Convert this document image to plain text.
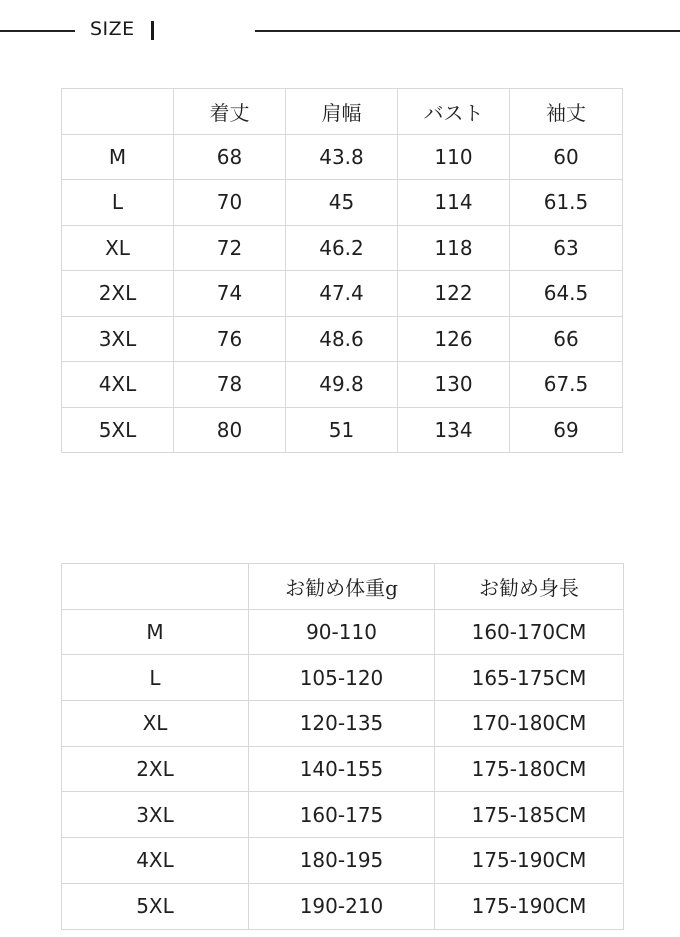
SIZE
	着丈	肩幅	バスト	袖丈
M	68	43.8	110	60
L	70	45	114	61.5
XL	72	46.2	118	63
2XL	74	47.4	122	64.5
3XL	76	48.6	126	66
4XL	78	49.8	130	67.5
5XL	80	51	134	69
	お勧め体重g	お勧め身長
M	90-110	160-170CM
L	105-120	165-175CM
XL	120-135	170-180CM
2XL	140-155	175-180CM
3XL	160-175	175-185CM
4XL	180-195	175-190CM
5XL	190-210	175-190CM
